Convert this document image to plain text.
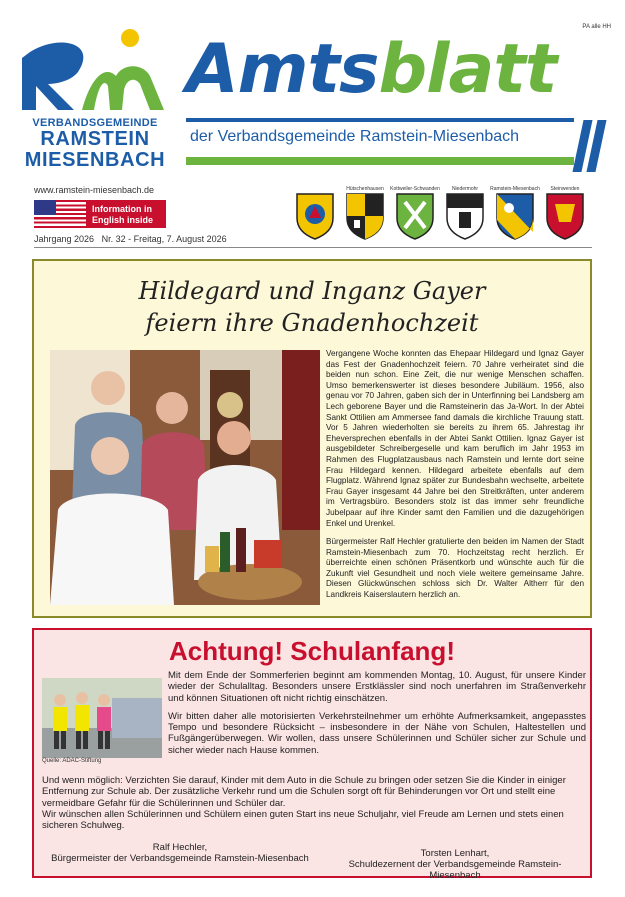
PA alle HH
VERBANDSGEMEINDE
RAMSTEIN
MIESENBACH
Amtsblatt
der Verbandsgemeinde Ramstein-Miesenbach
www.ramstein-miesenbach.de
Information in
English inside
Jahrgang 2026 Nr. 32 - Freitag, 7. August 2026
Hütschenhausen	Kottweiler-Schwanden	Niedermohr	Ramstein-Miesenbach	Steinwenden
Hildegard und Inganz Gayer
feiern ihre Gnadenhochzeit

Vergangene Woche konnten das Ehepaar Hildegard und Ignaz Gayer das Fest der Gnadenhochzeit feiern. 70 Jahre verheiratet sind die beiden nun schon. Eine Zeit, die nur wenige Menschen schaffen. Umso bemerkenswerter ist dieses besondere Jubiläum. 1956, also genau vor 70 Jahren, gaben sich der in Unterfinning bei Landsberg am Lech geborene Bayer und die Ramsteinerin das Ja-Wort. In der Abtei Sankt Ottilien am Ammersee fand damals die kirchliche Trauung statt. Vor 5 Jahren wiederholten sie bereits zu ihrem 65. Jahrestag ihr Eheversprechen ebenfalls in der Abtei Sankt Ottilien. Ignaz Gayer ist ausgebildeter Schreibergeselle und kam beruflich im Jahr 1953 im Rahmen des Flugplatzausbaus nach Ramstein und lernte dort seine Frau Hildegard kennen. Hildegard arbeitete ebenfalls auf dem Flugplatz. Während Ignaz später zur Bundesbahn wechselte, arbeitete Frau Gayer insgesamt 44 Jahre bei den Streitkräften, unter anderem im Vertragsbüro. Besonders stolz ist das immer sehr freundliche Jubelpaar auf ihre Kinder samt den Familien und die dazugehörigen Enkel und Urenkel.

Bürgermeister Ralf Hechler gratulierte den beiden im Namen der Stadt Ramstein-Miesenbach zum 70. Hochzeitstag recht herzlich. Er überreichte einen schönen Präsentkorb und wünschte auch für die Zukunft viel Gesundheit und noch viele weitere gemeinsame Jahre. Diesen Glückwünschen schloss sich Dr. Walter Altherr für den Landkreis Kaiserslautern herzlich an.

Achtung! Schulanfang!
Quelle: ADAC-Stiftung

Mit dem Ende der Sommerferien beginnt am kommenden Montag, 10. August, für unsere Kinder wieder der Schulalltag. Besonders unsere Erstklässler sind noch unerfahren im Straßenverkehr und können Situationen oft nicht richtig einschätzen.

Wir bitten daher alle motorisierten Verkehrsteilnehmer um erhöhte Aufmerksamkeit, angepasstes Tempo und besondere Rücksicht – insbesondere in der Nähe von Schulen, Haltestellen und Fußgängerüberwegen. Wir wollen, dass unsere Schülerinnen und Schüler sicher zur Schule und sicher wieder nach Hause kommen.

Und wenn möglich: Verzichten Sie darauf, Kinder mit dem Auto in die Schule zu bringen oder setzen Sie die Kinder in einiger Entfernung zur Schule ab. Der zusätzliche Verkehr rund um die Schulen sorgt oft für Behinderungen vor Ort und stellt eine vermeidbare Gefahr für die Schülerinnen und Schüler dar.

Wir wünschen allen Schülerinnen und Schülern einen guten Start ins neue Schuljahr, viel Freude am Lernen und stets einen sicheren Schulweg.

Ralf Hechler,
Bürgermeister der Verbandsgemeinde Ramstein-Miesenbach	Torsten Lenhart,
Schuldezernent der Verbandsgemeinde Ramstein-Miesenbach
